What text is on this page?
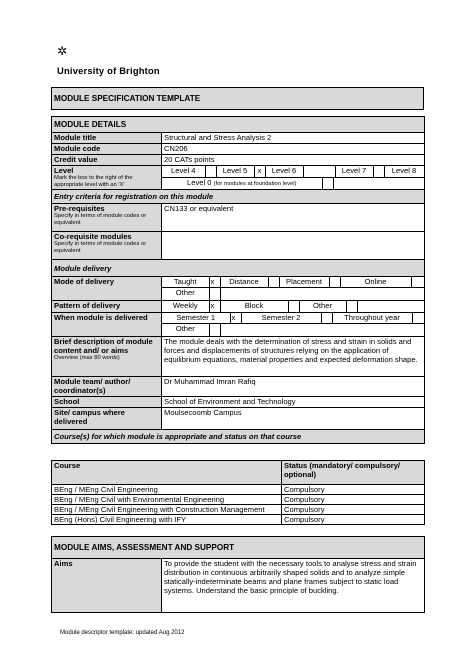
✲
University of Brighton
MODULE SPECIFICATION TEMPLATE
MODULE DETAILS
Module title	Structural and Stress Analysis 2
Module code	CN206
Credit value	20 CATs points
Level
Mark the box to the right of the appropriate level with an 'X'

Level 4		Level 5	x	Level 6		Level 7		Level 8	
Level 0 (for modules at foundation level)		

Entry criteria for registration on this module
Pre-requisites
Specify in terms of module codes or equivalent
	CN133 or equivalent
Co-requisite modules
Specify in terms of module codes or equivalent

Module delivery
Mode of delivery		Taught	x	Distance		Placement		Online	
Other		

Pattern of delivery		Weekly	x	Block		Other		

When module is delivered		Semester 1	x	Semester 2		Throughout year	
Other		

Brief description of module content and/ or aims
Overview (max 80 words)
	The module deals with the determination of stress and strain in solids and forces and displacements of structures relying on the application of equilibrium equations, material properties and expected deformation shape.
Module team/ author/ coordinator(s)	Dr Muhammad Imran Rafiq
School	School of Environment and Technology
Site/ campus where delivered	Moulsecoomb Campus
Course(s) for which module is appropriate and status on that course
Course	Status (mandatory/ compulsory/ optional)
BEng / MEng Civil Engineering	Compulsory
BEng / MEng Civil with Environmental Engineering	Compulsory
BEng / MEng Civil Engineering with Construction Management	Compulsory
BEng (Hons) Civil Engineering with IFY	Compulsory
MODULE AIMS, ASSESSMENT AND SUPPORT
Aims	To provide the student with the necessary tools to analyse stress and strain distribution in continuous arbitrarily shaped solids and to analyze simple statically-indeterminate beams and plane frames subject to static load systems. Understand the basic principle of buckling.
Module descriptor template: updated Aug 2012
